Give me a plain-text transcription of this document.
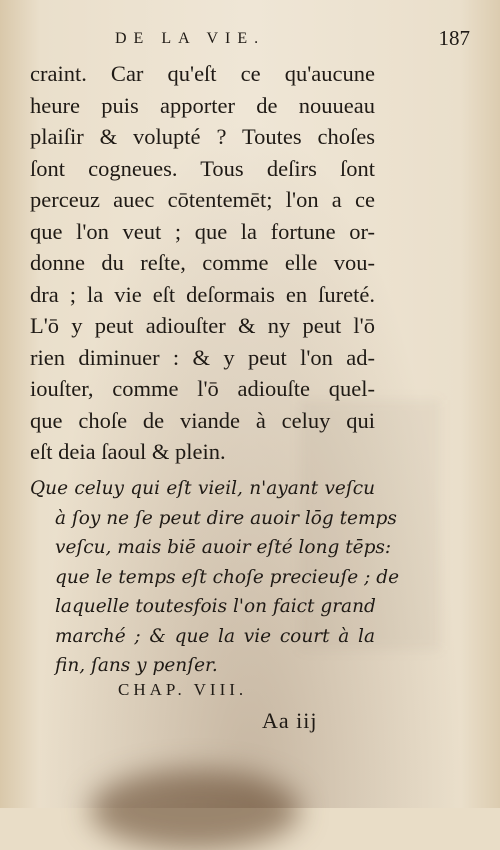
DE LA VIE.	187
craint. Car qu'eſt ce qu'aucune
heure puis apporter de nouueau
plaiſir & volupté ? Toutes choſes
ſont cogneues. Tous deſirs ſont
perceuz auec cōtentemēt; l'on a ce
que l'on veut ; que la fortune or-
donne du reſte, comme elle vou-
dra ; la vie eſt deſormais en ſureté.
L'ō y peut adiouſter & ny peut l'ō
rien diminuer : & y peut l'on ad-
iouſter, comme l'ō adiouſte quel-
que choſe de viande à celuy qui
eſt deia ſaoul & plein.
Que celuy qui eſt vieil, n'ayant veſcu
à ſoy ne ſe peut dire auoir lōg temps
veſcu, mais biē auoir eſté long tēps:
que le temps eſt choſe precieuſe ; de
laquelle toutesfois l'on faict grand
marché ; & que la vie court à la
fin, ſans y penſer.
CHAP. VIII.
Aa iij
